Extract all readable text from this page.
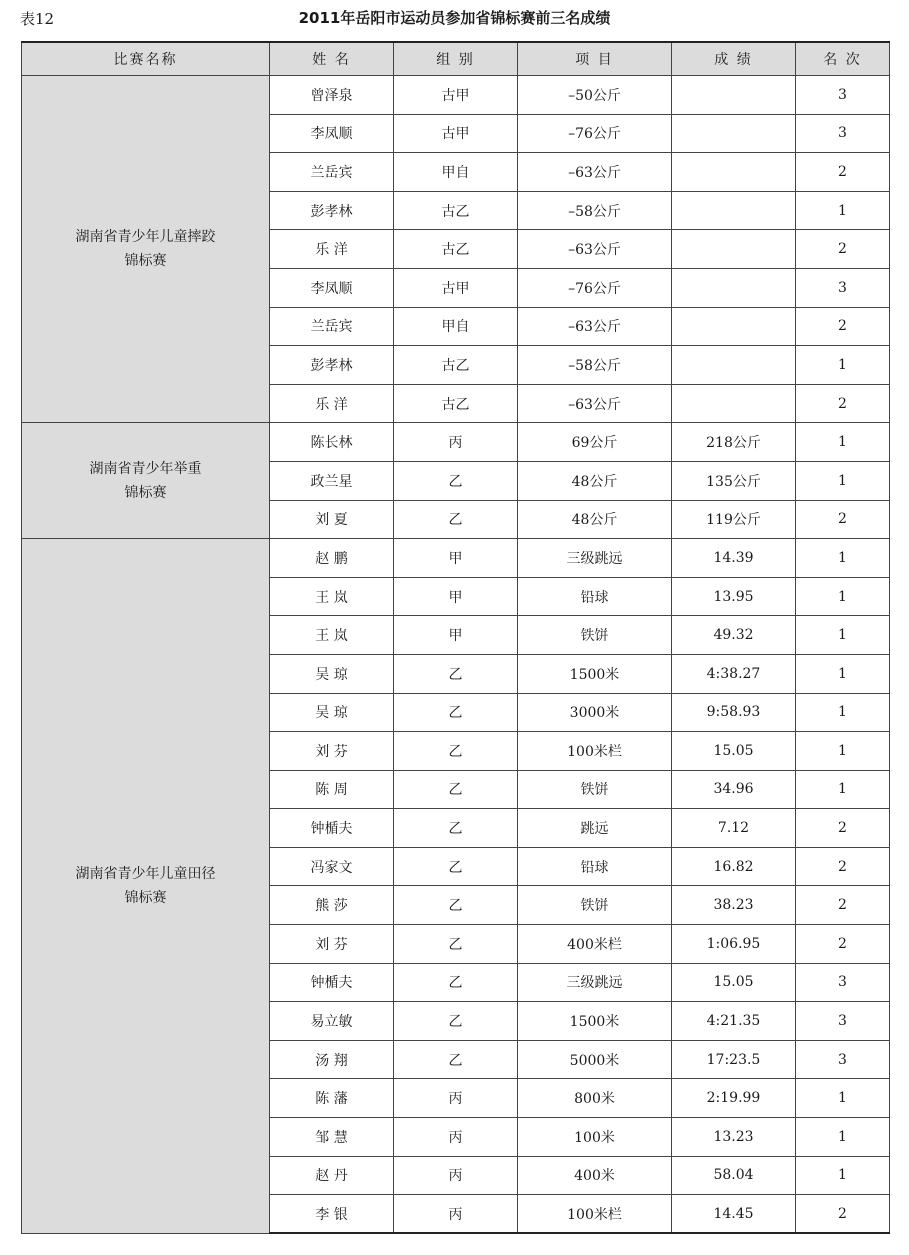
表12	2011年岳阳市运动员参加省锦标赛前三名成绩
比赛名称	姓 名	组 别	项 目	成 绩	名 次

湖南省青少年儿童摔跤
锦标赛	曾泽泉	古甲	–50公斤		3
	李凤顺	古甲	–76公斤		3
	兰岳宾	甲自	–63公斤		2
	彭孝林	古乙	–58公斤		1
	乐 洋	古乙	–63公斤		2
	李凤顺	古甲	–76公斤		3
	兰岳宾	甲自	–63公斤		2
	彭孝林	古乙	–58公斤		1
	乐 洋	古乙	–63公斤		2

湖南省青少年举重
锦标赛	陈长林	丙	69公斤	218公斤	1
	政兰星	乙	48公斤	135公斤	1
	刘 夏	乙	48公斤	119公斤	2

湖南省青少年儿童田径
锦标赛	赵 鹏	甲	三级跳远	14.39	1
	王 岚	甲	铅球	13.95	1
	王 岚	甲	铁饼	49.32	1
	吴 琼	乙	1500米	4:38.27	1
	吴 琼	乙	3000米	9:58.93	1
	刘 芬	乙	100米栏	15.05	1
	陈 周	乙	铁饼	34.96	1
	钟楯夫	乙	跳远	7.12	2
	冯家文	乙	铅球	16.82	2
	熊 莎	乙	铁饼	38.23	2
	刘 芬	乙	400米栏	1:06.95	2
	钟楯夫	乙	三级跳远	15.05	3
	易立敏	乙	1500米	4:21.35	3
	汤 翔	乙	5000米	17:23.5	3
	陈 藩	丙	800米	2:19.99	1
	邹 慧	丙	100米	13.23	1
	赵 丹	丙	400米	58.04	1
	李 银	丙	100米栏	14.45	2
